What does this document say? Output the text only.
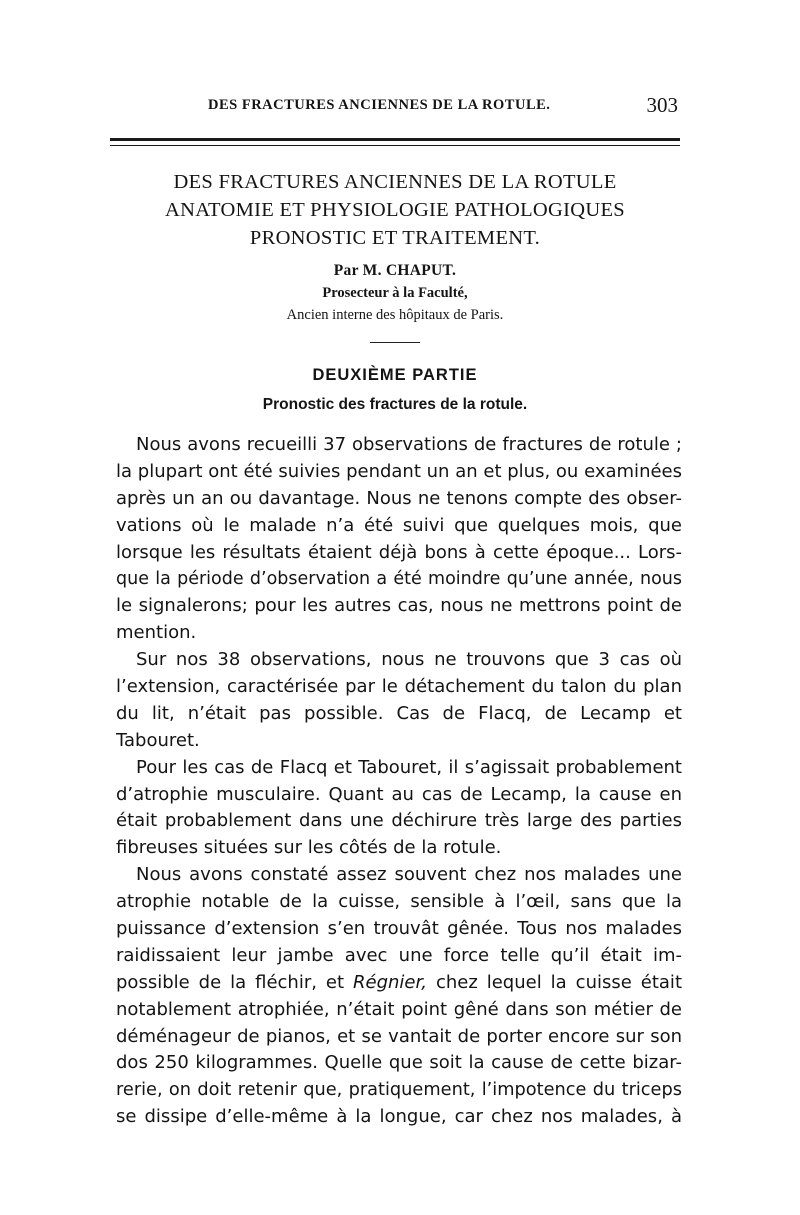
DES FRACTURES ANCIENNES DE LA ROTULE.	303
DES FRACTURES ANCIENNES DE LA ROTULE
ANATOMIE ET PHYSIOLOGIE PATHOLOGIQUES
PRONOSTIC ET TRAITEMENT.
Par M. CHAPUT.
Prosecteur à la Faculté,
Ancien interne des hôpitaux de Paris.
DEUXIÈME PARTIE
Pronostic des fractures de la rotule.
Nous avons recueilli 37 observations de fractures de rotule ;
la plupart ont été suivies pendant un an et plus, ou examinées
après un an ou davantage. Nous ne tenons compte des obser-
vations où le malade n’a été suivi que quelques mois, que
lorsque les résultats étaient déjà bons à cette époque... Lors-
que la période d’observation a été moindre qu’une année, nous
le signalerons; pour les autres cas, nous ne mettrons point de
mention.
Sur nos 38 observations, nous ne trouvons que 3 cas où
l’extension, caractérisée par le détachement du talon du plan
du lit, n’était pas possible. Cas de Flacq, de Lecamp et
Tabouret.
Pour les cas de Flacq et Tabouret, il s’agissait probablement
d’atrophie musculaire. Quant au cas de Lecamp, la cause en
était probablement dans une déchirure très large des parties
fibreuses situées sur les côtés de la rotule.
Nous avons constaté assez souvent chez nos malades une
atrophie notable de la cuisse, sensible à l’œil, sans que la
puissance d’extension s’en trouvât gênée. Tous nos malades
raidissaient leur jambe avec une force telle qu’il était im-
possible de la fléchir, et Régnier, chez lequel la cuisse était
notablement atrophiée, n’était point gêné dans son métier de
déménageur de pianos, et se vantait de porter encore sur son
dos 250 kilogrammes. Quelle que soit la cause de cette bizar-
rerie, on doit retenir que, pratiquement, l’impotence du triceps
se dissipe d’elle-même à la longue, car chez nos malades, à
